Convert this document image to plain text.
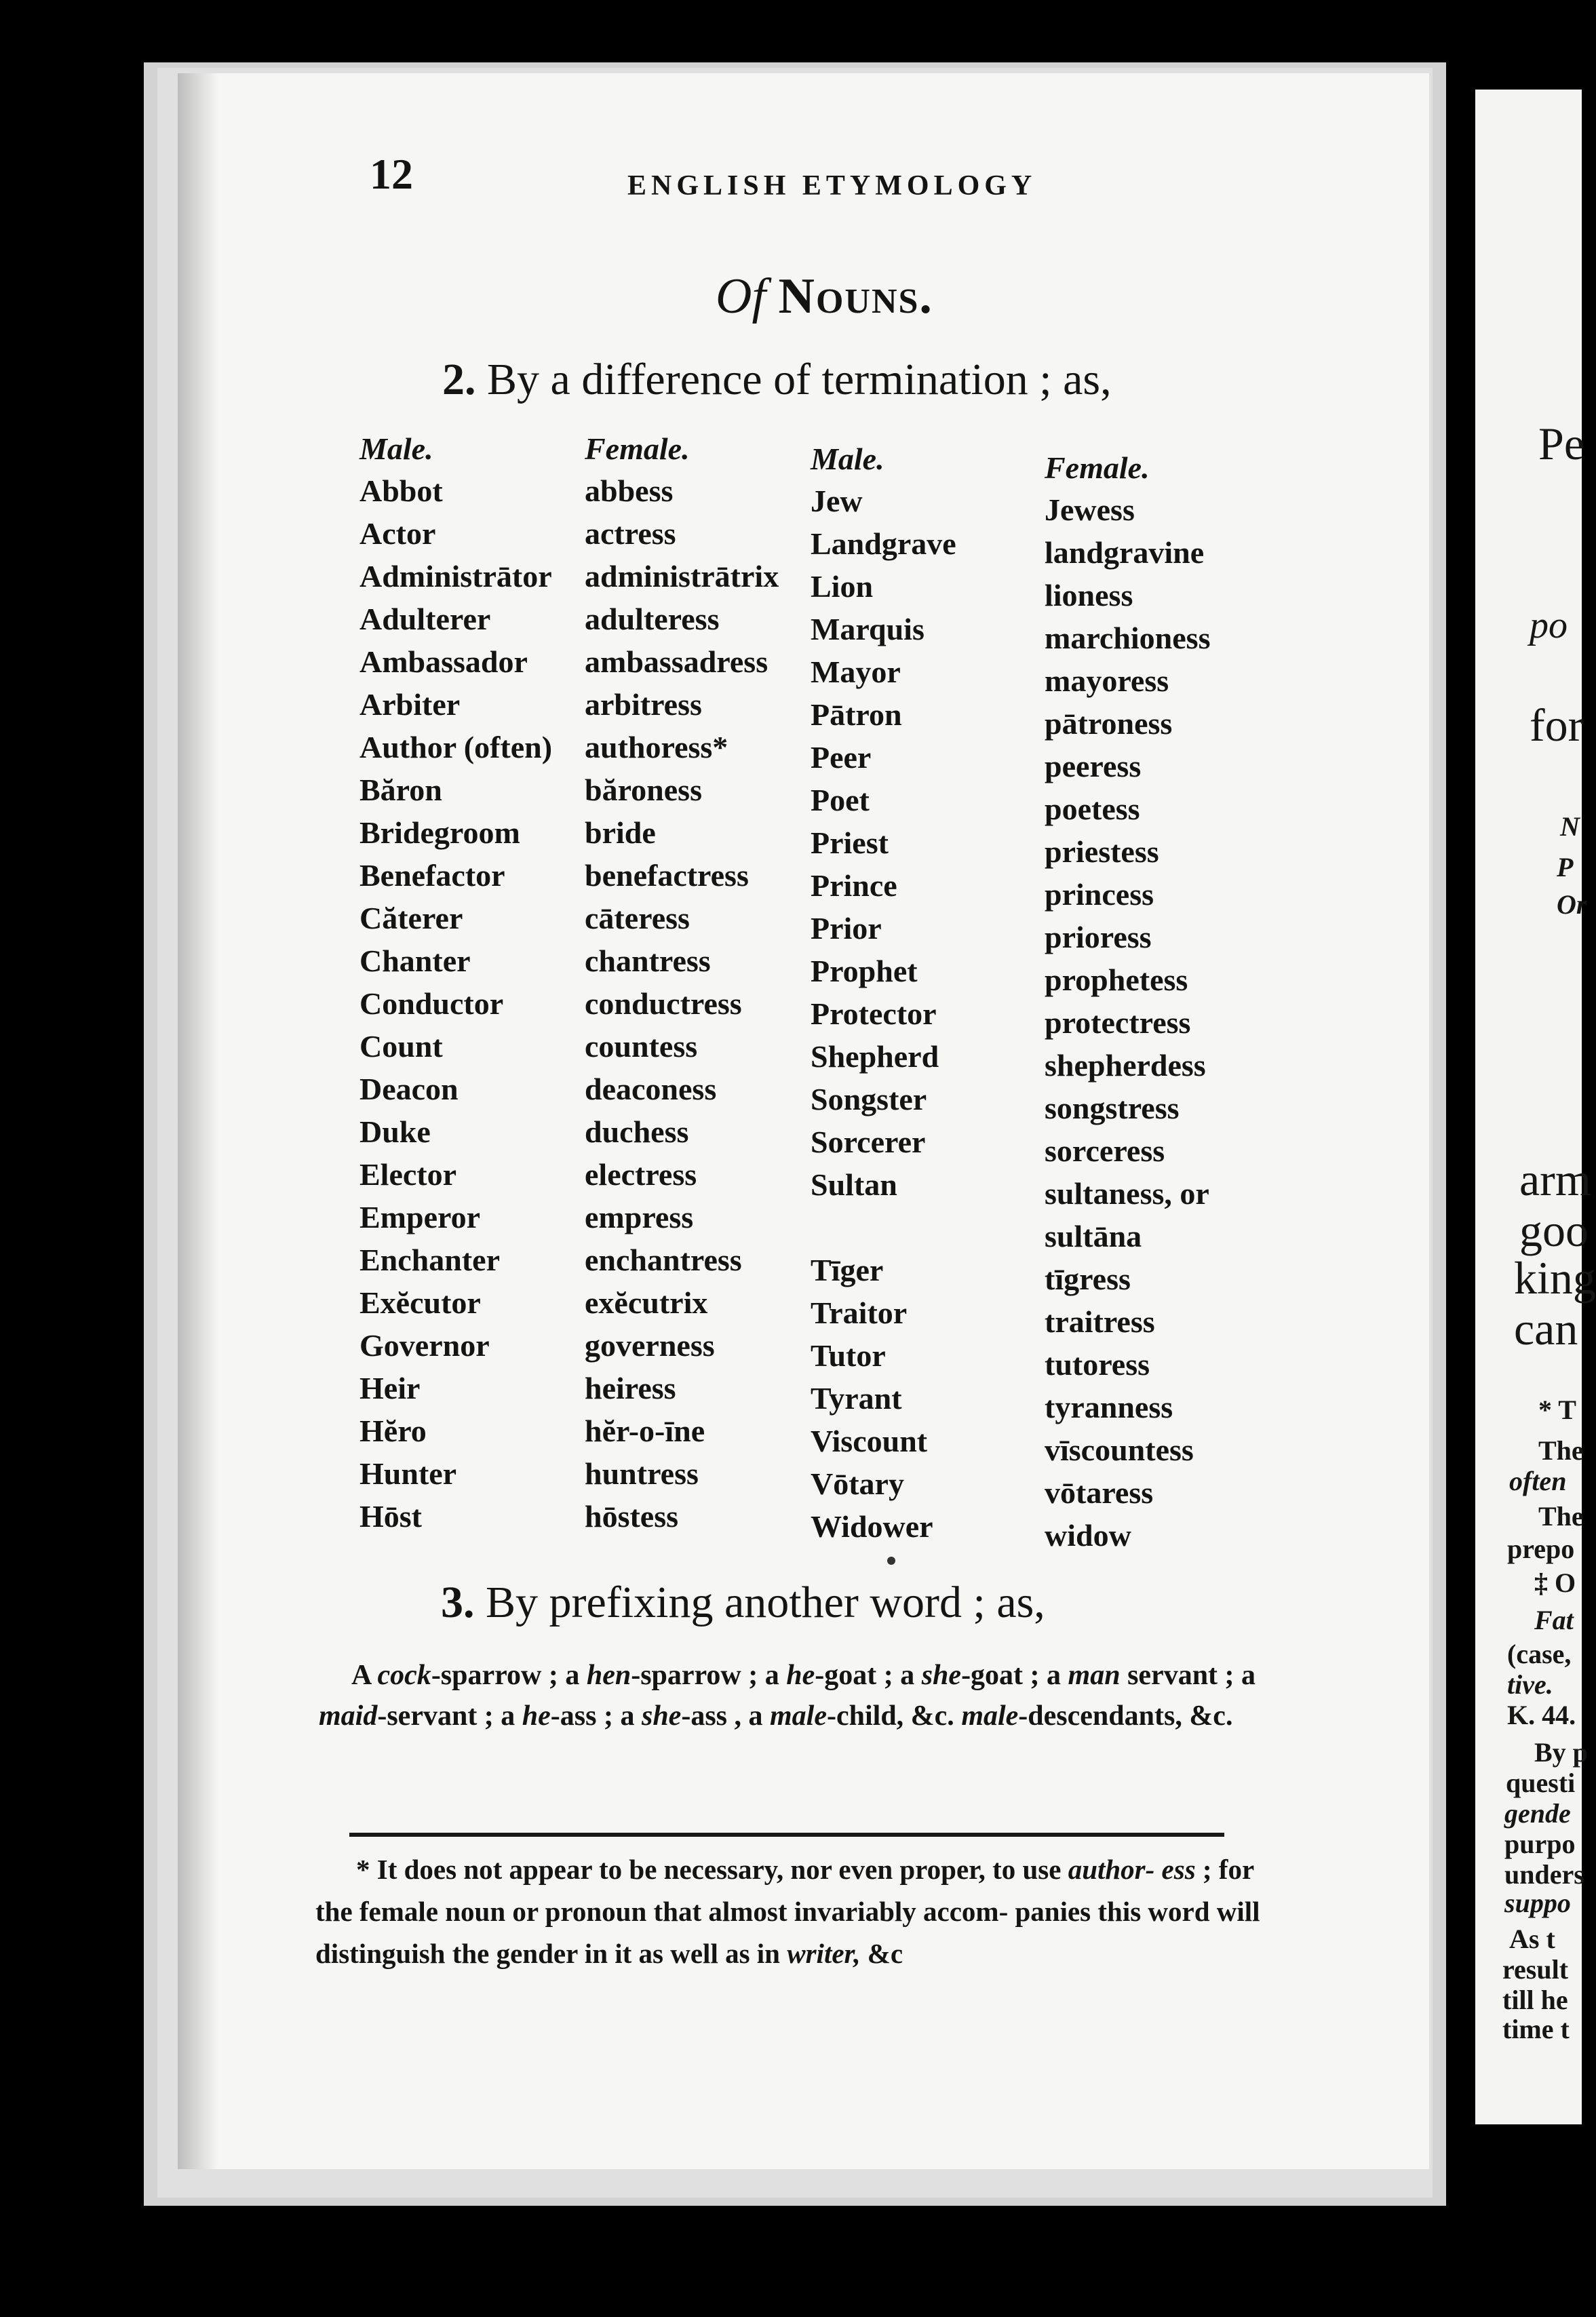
12	ENGLISH ETYMOLOGY
Of Nouns.
2. By a difference of termination ; as,
Male.
Abbot
Actor
Administrātor
Adulterer
Ambassador
Arbiter
Author (often)
Băron
Bridegroom
Benefactor
Căterer
Chanter
Conductor
Count
Deacon
Duke
Elector
Emperor
Enchanter
Exĕcutor
Governor
Heir
Hĕro
Hunter
Hōst
Female.
abbess
actress
administrātrix
adulteress
ambassadress
arbitress
authoress*
băroness
bride
benefactress
cāteress
chantress
conductress
countess
deaconess
duchess
electress
empress
enchantress
exĕcutrix
governess
heiress
hĕr-o-īne
huntress
hōstess
Male.
Jew
Landgrave
Lion
Marquis
Mayor
Pātron
Peer
Poet
Priest
Prince
Prior
Prophet
Protector
Shepherd
Songster
Sorcerer
Sultan
Tīger
Traitor
Tutor
Tyrant
Viscount
Vōtary
Widower
Female.
Jewess
landgravine
lioness
marchioness
mayoress
pātroness
peeress
poetess
priestess
princess
prioress
prophetess
protectress
shepherdess
songstress
sorceress
sultaness, or
sultāna
tīgress
traitress
tutoress
tyranness
vīscountess
vōtaress
widow
3. By prefixing another word ; as,
A cock-sparrow ; a hen-sparrow ; a he-goat ; a she-goat ; a man servant ; a maid-servant ; a he-ass ; a she-ass , a male-child, &c. male-descendants, &c.
* It does not appear to be necessary, nor even proper, to use author- ess ; for the female noun or pronoun that almost invariably accom- panies this word will distinguish the gender in it as well as in writer, &c
Pe
po
for
N
P
Or
arm
goo
king
can
* T
The
often
The
prepo
‡ O
Fat
(case,
tive.
K. 44.
By p
questi
gende
purpo
unders
suppo
As t
result
till he
time t
